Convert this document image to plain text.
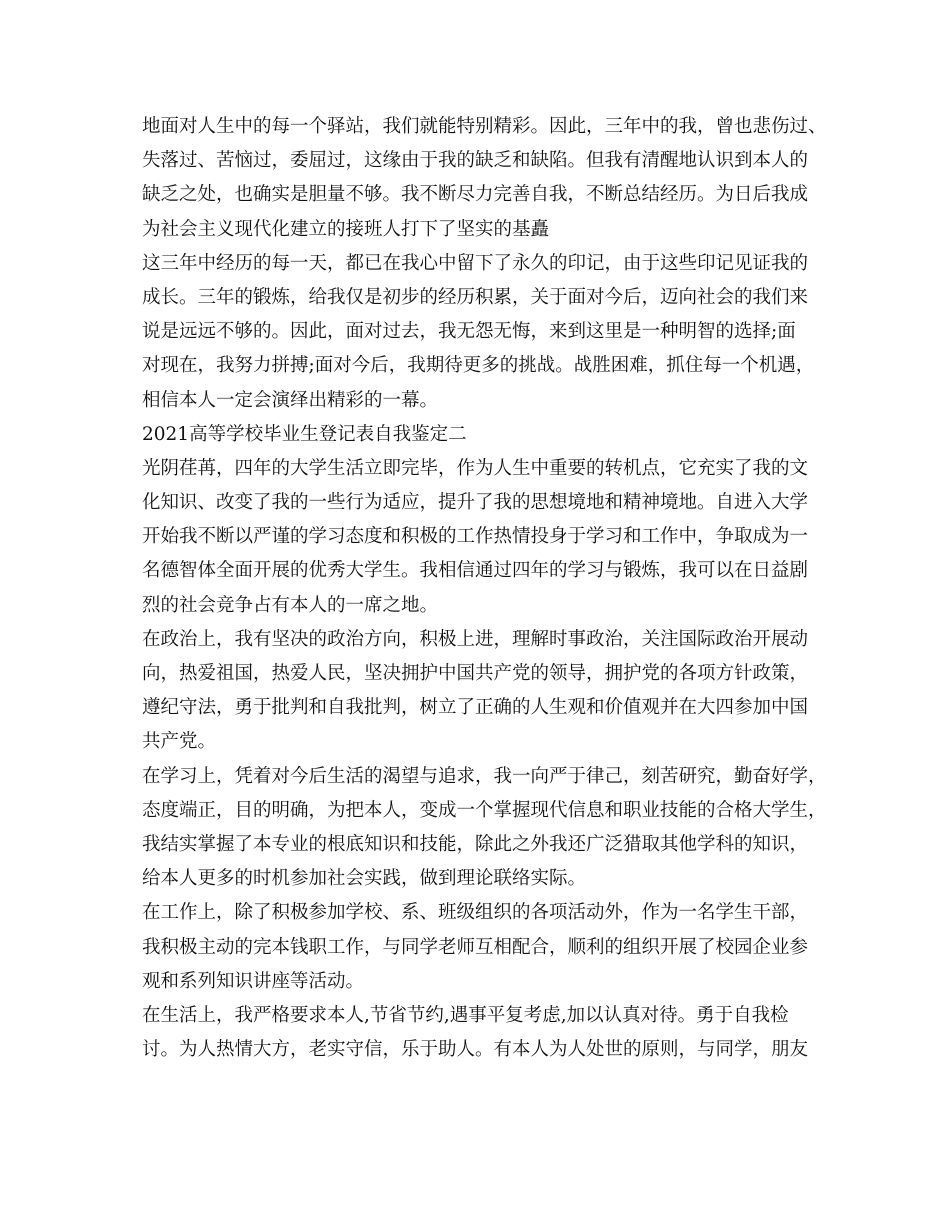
地面对人生中的每一个驿站，我们就能特别精彩。因此，三年中的我，曾也悲伤过、
失落过、苦恼过，委屈过，这缘由于我的缺乏和缺陷。但我有清醒地认识到本人的
缺乏之处，也确实是胆量不够。我不断尽力完善自我，不断总结经历。为日后我成
为社会主义现代化建立的接班人打下了坚实的基矗
这三年中经历的每一天，都已在我心中留下了永久的印记，由于这些印记见证我的
成长。三年的锻炼，给我仅是初步的经历积累，关于面对今后，迈向社会的我们来
说是远远不够的。因此，面对过去，我无怨无悔，来到这里是一种明智的选择;面
对现在，我努力拼搏;面对今后，我期待更多的挑战。战胜困难，抓住每一个机遇，
相信本人一定会演绎出精彩的一幕。
2021高等学校毕业生登记表自我鉴定二
光阴荏苒，四年的大学生活立即完毕，作为人生中重要的转机点，它充实了我的文
化知识、改变了我的一些行为适应，提升了我的思想境地和精神境地。自进入大学
开始我不断以严谨的学习态度和积极的工作热情投身于学习和工作中，争取成为一
名德智体全面开展的优秀大学生。我相信通过四年的学习与锻炼，我可以在日益剧
烈的社会竞争占有本人的一席之地。
在政治上，我有坚决的政治方向，积极上进，理解时事政治，关注国际政治开展动
向，热爱祖国，热爱人民，坚决拥护中国共产党的领导，拥护党的各项方针政策，
遵纪守法，勇于批判和自我批判，树立了正确的人生观和价值观并在大四参加中国
共产党。
在学习上，凭着对今后生活的渴望与追求，我一向严于律己，刻苦研究，勤奋好学，
态度端正，目的明确，为把本人，变成一个掌握现代信息和职业技能的合格大学生，
我结实掌握了本专业的根底知识和技能，除此之外我还广泛猎取其他学科的知识，
给本人更多的时机参加社会实践，做到理论联络实际。
在工作上，除了积极参加学校、系、班级组织的各项活动外，作为一名学生干部，
我积极主动的完本钱职工作，与同学老师互相配合，顺利的组织开展了校园企业参
观和系列知识讲座等活动。
在生活上，我严格要求本人,节省节约,遇事平复考虑,加以认真对待。勇于自我检
讨。为人热情大方，老实守信，乐于助人。有本人为人处世的原则，与同学，朋友
